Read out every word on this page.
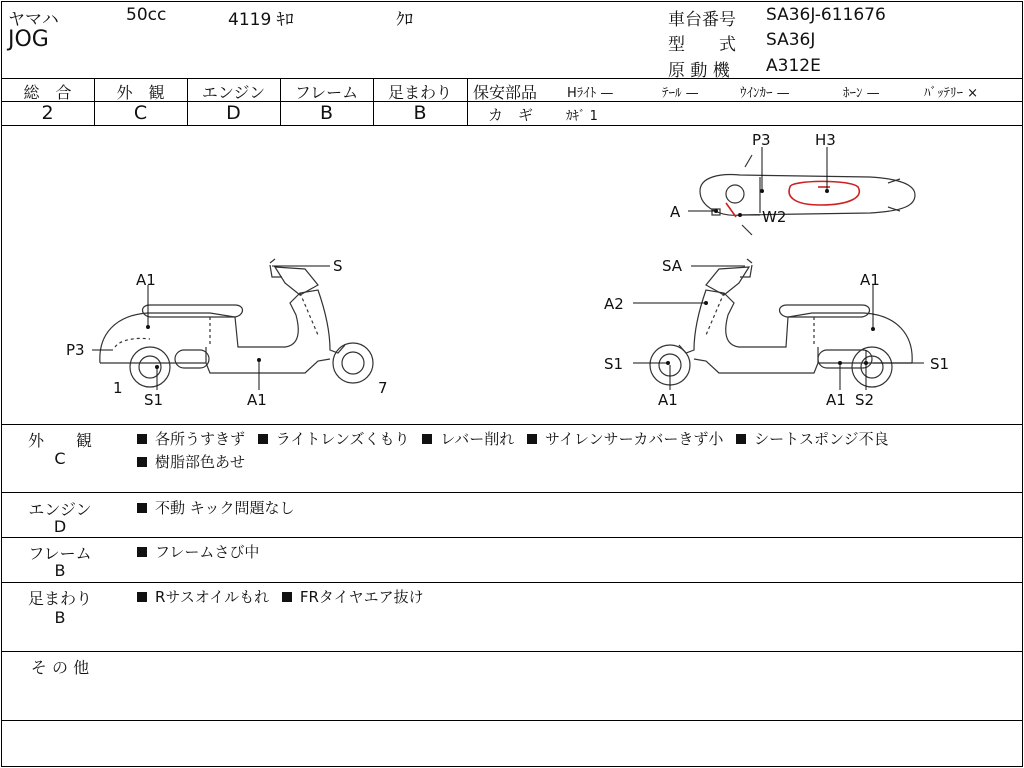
ヤマハ	50cc	4119 ｷﾛ	ｸﾛ
JOG
車台番号 SA36J-611676
型　　式 SA36J
原 動 機 A312E
総　合	外　観	エンジン	フレーム	足まわり
2	C	D	B	B
保安部品 Hﾗｲﾄ —	ﾃｰﾙ —	ｳｲﾝｶｰ —	ﾎｰﾝ —	ﾊﾞｯﾃﾘｰ ×
カ　ギ	ｶｷﾞ 1
S
A1
P3
1
S1	A1
7
SA
A2
S1
A1
A1
S1
A1 S2
P3	H3
A	W2
外　　観
C
各所うすきず ライトレンズくもり レバー削れ サイレンサーカバーきず小 シートスポンジ不良
樹脂部色あせ
エンジン
D
不動 キック問題なし
フレーム
B
フレームさび中
足まわり
B
Rサスオイルもれ FRタイヤエア抜け
そ の 他
